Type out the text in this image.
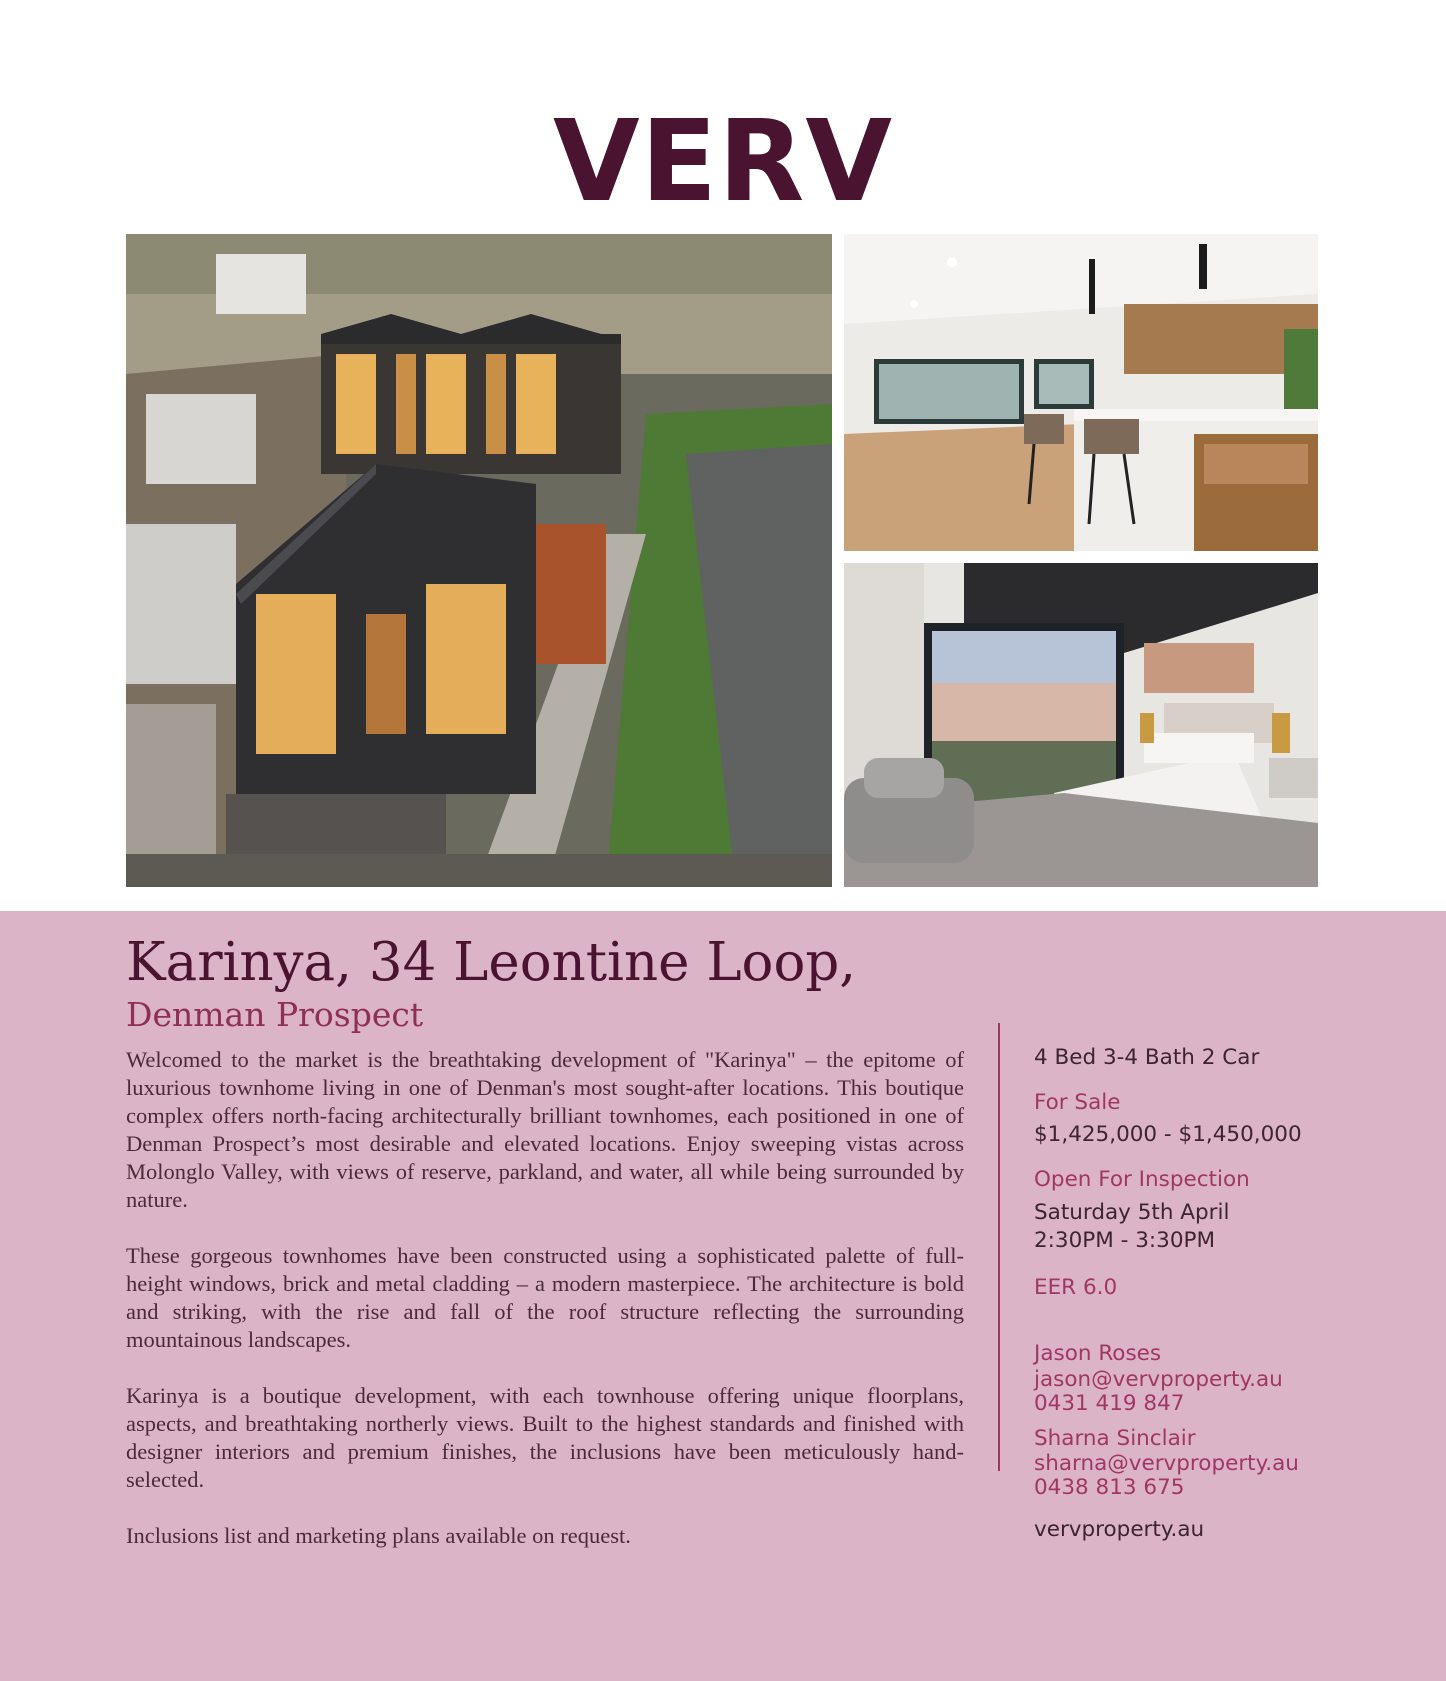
VERV
Karinya, 34 Leontine Loop,
Denman Prospect

Welcomed to the market is the breathtaking development of "Karinya" – the epitome of luxurious townhome living in one of Denman's most sought-after locations. This boutique complex offers north-facing architecturally brilliant townhomes, each positioned in one of Denman Prospect’s most desirable and elevated locations. Enjoy sweeping vistas across Molonglo Valley, with views of reserve, parkland, and water, all while being surrounded by nature.

These gorgeous townhomes have been constructed using a sophisticated palette of full-height windows, brick and metal cladding – a modern masterpiece. The architecture is bold and striking, with the rise and fall of the roof structure reflecting the surrounding mountainous landscapes.

Karinya is a boutique development, with each townhouse offering unique floorplans, aspects, and breathtaking northerly views. Built to the highest standards and finished with designer interiors and premium finishes, the inclusions have been meticulously hand-selected.

Inclusions list and marketing plans available on request.

4 Bed 3-4 Bath 2 Car
For Sale
$1,425,000 - $1,450,000
Open For Inspection
Saturday 5th April
2:30PM - 3:30PM
EER 6.0
Jason Roses
jason@vervproperty.au
0431 419 847
Sharna Sinclair
sharna@vervproperty.au
0438 813 675
vervproperty.au
